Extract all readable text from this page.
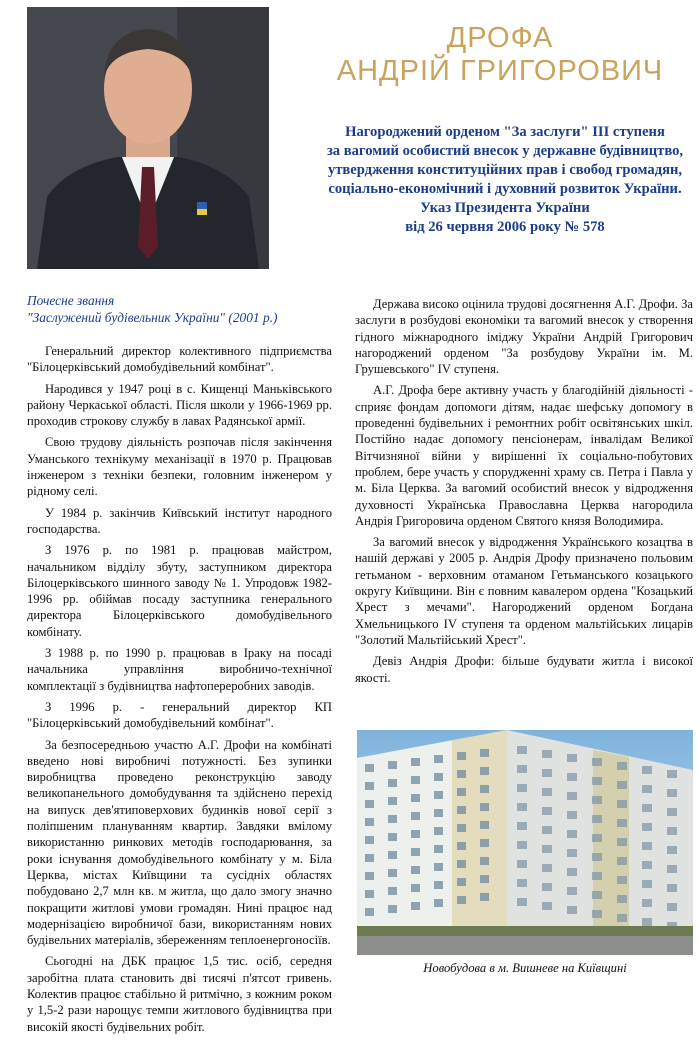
ДРОФА
АНДРІЙ ГРИГОРОВИЧ
Нагороджений орденом "За заслуги" III ступеня
за вагомий особистий внесок у державне будівництво,
утвердження конституційних прав і свобод громадян,
соціально-економічний і духовний розвиток України.
Указ Президента України
від 26 червня 2006 року № 578
Почесне звання
"Заслужений будівельник України" (2001 р.)

Генеральний директор колективного підприємства "Білоцерківський домобудівельний комбінат".

Народився у 1947 році в с. Кищенці Маньківського району Черкаської області. Після школи у 1966-1969 рр. проходив строкову службу в лавах Радянської армії.

Свою трудову діяльність розпочав після закінчення Уманського технікуму механізації в 1970 р. Працював інженером з техніки безпеки, головним інженером у рідному селі.

У 1984 р. закінчив Київський інститут народного господарства.

З 1976 р. по 1981 р. працював майстром, начальником відділу збуту, заступником директора Білоцерківського шинного заводу № 1. Упродовж 1982-1996 рр. обіймав посаду заступника генерального директора Білоцерківського домобудівельного комбінату.

З 1988 р. по 1990 р. працював в Іраку на посаді начальника управління виробничо-технічної комплектації з будівництва нафтопереробних заводів.

З 1996 р. - генеральний директор КП "Білоцерківський домобудівельний комбінат".

За безпосередньою участю А.Г. Дрофи на комбінаті введено нові виробничі потужності. Без зупинки виробництва проведено реконструкцію заводу великопанельного домобудування та здійснено перехід на випуск дев'ятиповерхових будинків нової серії з поліпшеним плануванням квартир. Завдяки вмілому використанню ринкових методів господарювання, за роки існування домобудівельного комбінату у м. Біла Церква, містах Київщини та сусідніх областях побудовано 2,7 млн кв. м житла, що дало змогу значно покращити житлові умови громадян. Нині працює над модернізацією виробничої бази, використанням нових будівельних матеріалів, збереженням теплоенергоносіїв.

Сьогодні на ДБК працює 1,5 тис. осіб, середня заробітна плата становить дві тисячі п'ятсот гривень. Колектив працює стабільно й ритмічно, з кожним роком у 1,5-2 рази нарощує темпи житлового будівництва при високій якості будівельних робіт.

Держава високо оцінила трудові досягнення А.Г. Дрофи. За заслуги в розбудові економіки та вагомий внесок у створення гідного міжнародного іміджу України Андрій Григорович нагороджений орденом "За розбудову України ім. М. Грушевського" IV ступеня.

А.Г. Дрофа бере активну участь у благодійній діяльності - сприяє фондам допомоги дітям, надає шефську допомогу в проведенні будівельних і ремонтних робіт освітянських шкіл. Постійно надає допомогу пенсіонерам, інвалідам Великої Вітчизняної війни у вирішенні їх соціально-побутових проблем, бере участь у спорудженні храму св. Петра і Павла у м. Біла Церква. За вагомий особистий внесок у відродження духовності Українська Православна Церква нагородила Андрія Григоровича орденом Святого князя Володимира.

За вагомий внесок у відродження Українського козацтва в нашій державі у 2005 р. Андрія Дрофу призначено польовим гетьманом - верховним отаманом Гетьманського козацького округу Київщини. Він є повним кавалером ордена "Козацький Хрест з мечами". Нагороджений орденом Богдана Хмельницького IV ступеня та орденом мальтійських лицарів "Золотий Мальтійський Хрест".

Девіз Андрія Дрофи: більше будувати житла і високої якості.

Новобудова в м. Вишневе на Київщині
